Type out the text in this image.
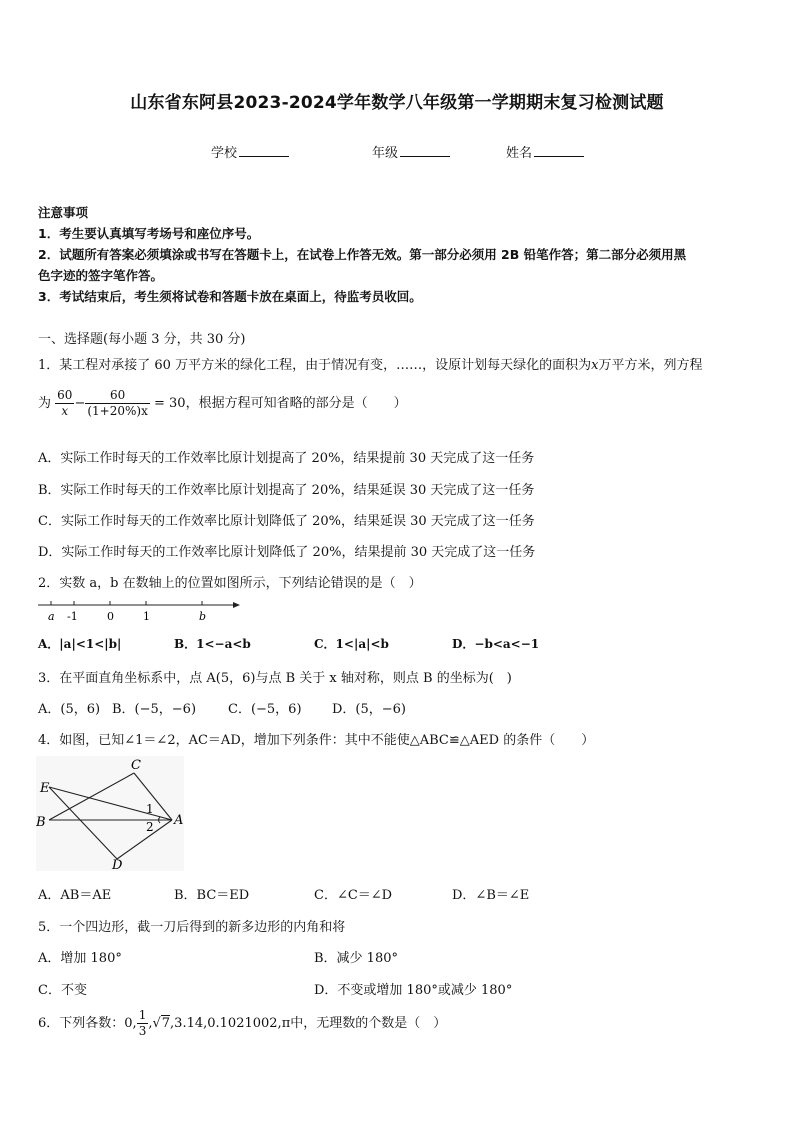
山东省东阿县2023-2024学年数学八年级第一学期期末复习检测试题
学校	年级	姓名
注意事项
1．考生要认真填写考场号和座位序号。
2．试题所有答案必须填涂或书写在答题卡上，在试卷上作答无效。第一部分必须用 2B 铅笔作答；第二部分必须用黑
色字迹的签字笔作答。
3．考试结束后，考生须将试卷和答题卡放在桌面上，待监考员收回。
一、选择题(每小题 3 分，共 30 分)
1．某工程对承接了 60 万平方米的绿化工程，由于情况有变，……，设原计划每天绿化的面积为x万平方米，列方程
为 $\frac{60}{x} - \frac{60}{(1+20\%)x} = 30$，根据方程可知省略的部分是（　　）
A．实际工作时每天的工作效率比原计划提高了 20%，结果提前 30 天完成了这一任务
B．实际工作时每天的工作效率比原计划提高了 20%，结果延误 30 天完成了这一任务
C．实际工作时每天的工作效率比原计划降低了 20%，结果延误 30 天完成了这一任务
D．实际工作时每天的工作效率比原计划降低了 20%，结果提前 30 天完成了这一任务
2．实数 a，b 在数轴上的位置如图所示，下列结论错误的是（　）
a -1	0	1	b
A．|a|<1<|b|	B．1<−a<b	C．1<|a|<b	D．−b<a<−1
3．在平面直角坐标系中，点 A(5，6)与点 B 关于 x 轴对称，则点 B 的坐标为(　)
A．(5，6) B．(−5，−6) C．(−5，6) D．(5，−6)
4．如图，已知∠1＝∠2，AC＝AD，增加下列条件：其中不能使△ABC≌△AED 的条件（　　）
C
E
B	A
D
1
2
A．AB＝AE	B．BC＝ED	C．∠C＝∠D	D．∠B＝∠E
5．一个四边形，截一刀后得到的新多边形的内角和将
A．增加 180°	B．减少 180°
C．不变	D．不变或增加 180°或减少 180°
6．下列各数：0, $\frac{1}{3} ,√7,3.14,0.1021002,\pi$中，无理数的个数是（　）
